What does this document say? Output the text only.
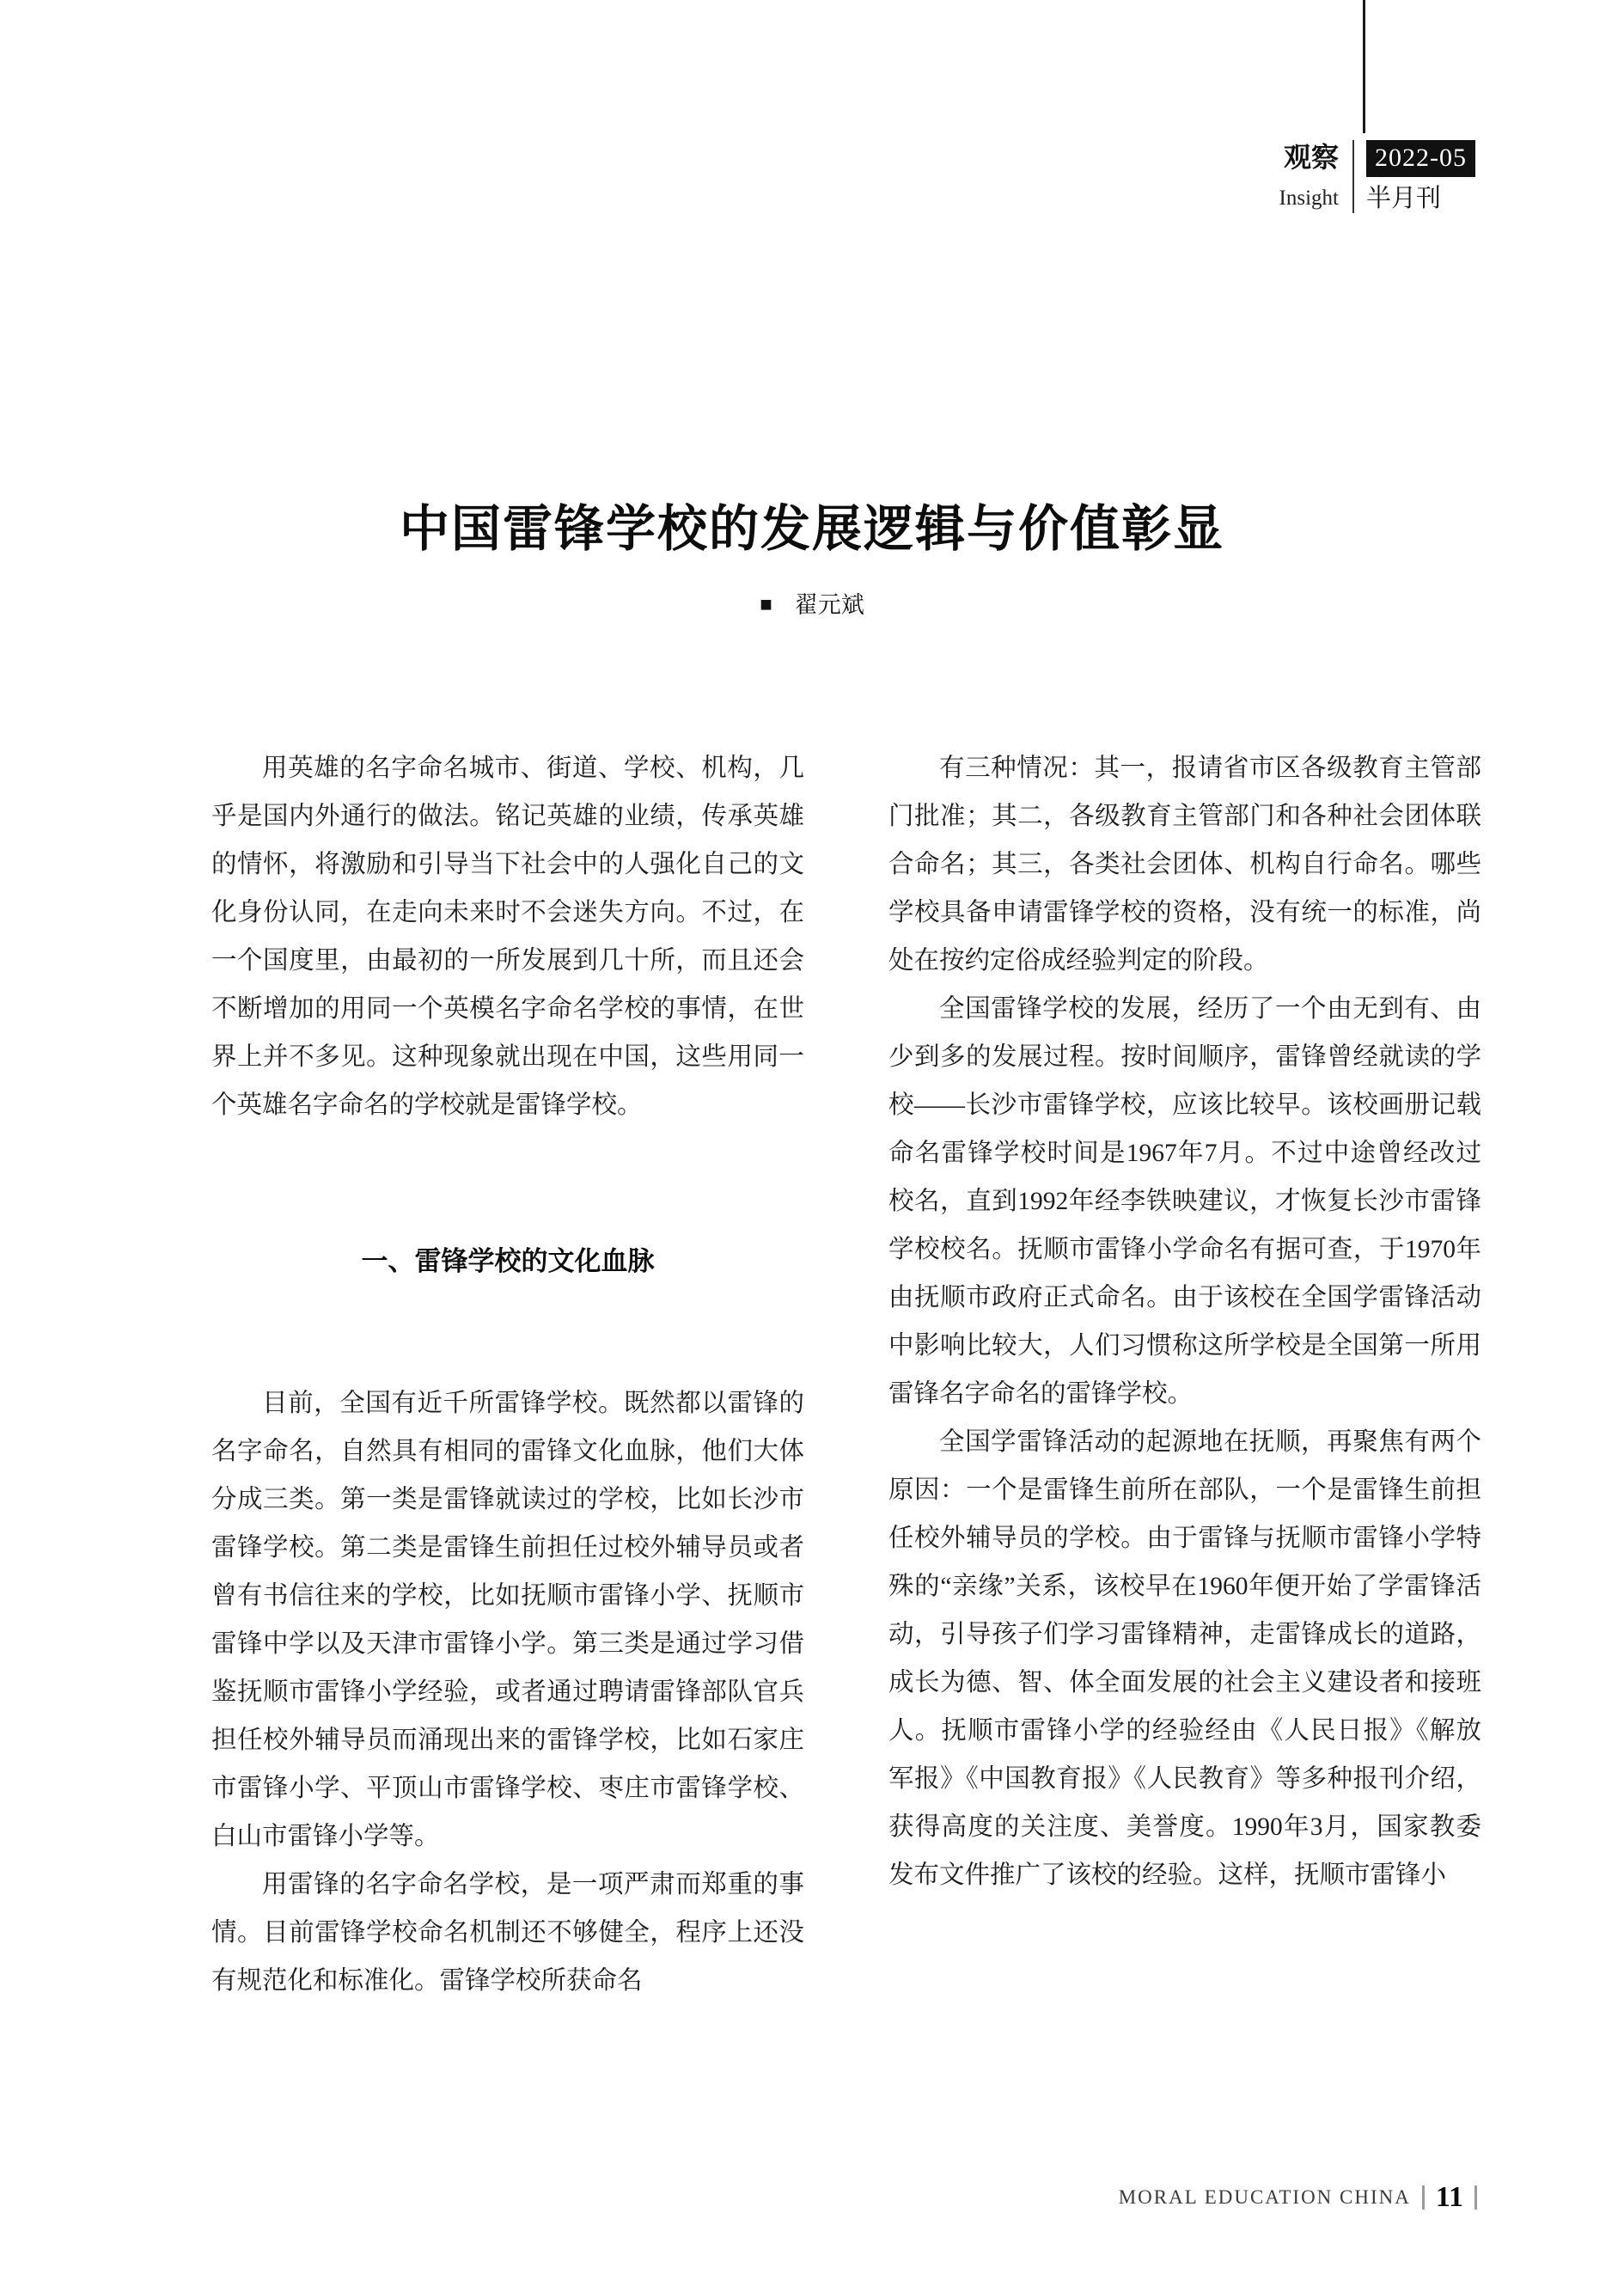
观察
Insight
2022-05
半月刊
中国雷锋学校的发展逻辑与价值彰显
■ 翟元斌

用英雄的名字命名城市、街道、学校、机构，几乎是国内外通行的做法。铭记英雄的业绩，传承英雄的情怀，将激励和引导当下社会中的人强化自己的文化身份认同，在走向未来时不会迷失方向。不过，在一个国度里，由最初的一所发展到几十所，而且还会不断增加的用同一个英模名字命名学校的事情，在世界上并不多见。这种现象就出现在中国，这些用同一个英雄名字命名的学校就是雷锋学校。

一、雷锋学校的文化血脉

目前，全国有近千所雷锋学校。既然都以雷锋的名字命名，自然具有相同的雷锋文化血脉，他们大体分成三类。第一类是雷锋就读过的学校，比如长沙市雷锋学校。第二类是雷锋生前担任过校外辅导员或者曾有书信往来的学校，比如抚顺市雷锋小学、抚顺市雷锋中学以及天津市雷锋小学。第三类是通过学习借鉴抚顺市雷锋小学经验，或者通过聘请雷锋部队官兵担任校外辅导员而涌现出来的雷锋学校，比如石家庄市雷锋小学、平顶山市雷锋学校、枣庄市雷锋学校、白山市雷锋小学等。

用雷锋的名字命名学校，是一项严肃而郑重的事情。目前雷锋学校命名机制还不够健全，程序上还没有规范化和标准化。雷锋学校所获命名

有三种情况：其一，报请省市区各级教育主管部门批准；其二，各级教育主管部门和各种社会团体联合命名；其三，各类社会团体、机构自行命名。哪些学校具备申请雷锋学校的资格，没有统一的标准，尚处在按约定俗成经验判定的阶段。

全国雷锋学校的发展，经历了一个由无到有、由少到多的发展过程。按时间顺序，雷锋曾经就读的学校——长沙市雷锋学校，应该比较早。该校画册记载命名雷锋学校时间是1967年7月。不过中途曾经改过校名，直到1992年经李铁映建议，才恢复长沙市雷锋学校校名。抚顺市雷锋小学命名有据可查，于1970年由抚顺市政府正式命名。由于该校在全国学雷锋活动中影响比较大，人们习惯称这所学校是全国第一所用雷锋名字命名的雷锋学校。

全国学雷锋活动的起源地在抚顺，再聚焦有两个原因：一个是雷锋生前所在部队，一个是雷锋生前担任校外辅导员的学校。由于雷锋与抚顺市雷锋小学特殊的“亲缘”关系，该校早在1960年便开始了学雷锋活动，引导孩子们学习雷锋精神，走雷锋成长的道路，成长为德、智、体全面发展的社会主义建设者和接班人。抚顺市雷锋小学的经验经由《人民日报》《解放军报》《中国教育报》《人民教育》等多种报刊介绍，获得高度的关注度、美誉度。1990年3月，国家教委发布文件推广了该校的经验。这样，抚顺市雷锋小

MORAL EDUCATION CHINA 11
